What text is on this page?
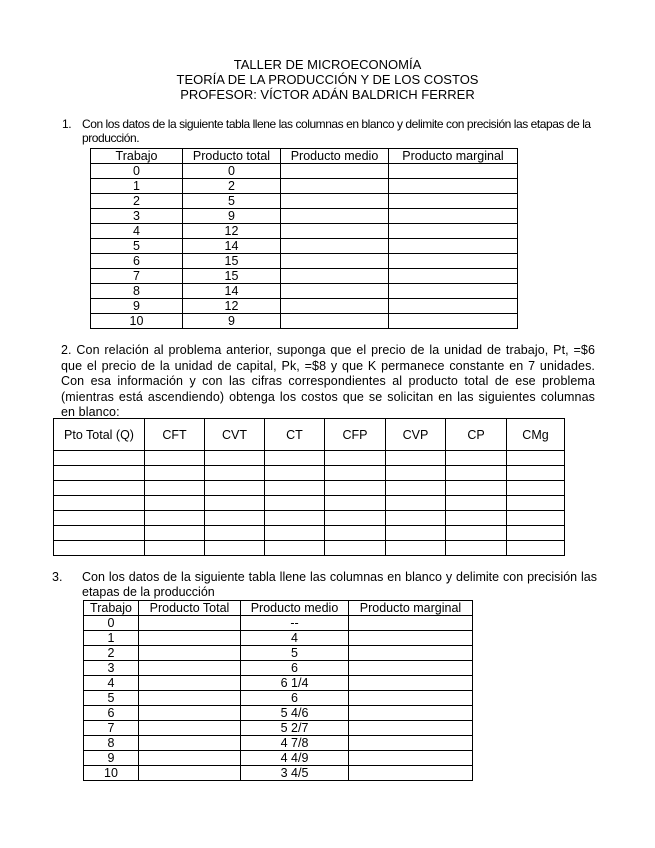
TALLER DE MICROECONOMÍA
TEORÍA DE LA PRODUCCIÓN Y DE LOS COSTOS
PROFESOR: VÍCTOR ADÁN BALDRICH FERRER
1. Con los datos de la siguiente tabla llene las columnas en blanco y delimite con precisión las etapas de la producción.
Trabajo	Producto total	Producto medio	Producto marginal
0	0		
1	2		
2	5		
3	9		
4	12		
5	14		
6	15		
7	15		
8	14		
9	12		
10	9		
2. Con relación al problema anterior, suponga que el precio de la unidad de trabajo, Pt, =$6 que el precio de la unidad de capital, Pk, =$8 y que K permanece constante en 7 unidades. Con esa información y con las cifras correspondientes al producto total de ese problema (mientras está ascendiendo) obtenga los costos que se solicitan en las siguientes columnas en blanco:
Pto Total (Q)	CFT	CVT	CT	CFP	CVP	CP	CMg

3.	Con los datos de la siguiente tabla llene las columnas en blanco y delimite con precisión las etapas de la producción
Trabajo	Producto Total	Producto medio	Producto marginal
0		--	
1		4	
2		5	
3		6	
4		6 1/4	
5		6	
6		5 4/6	
7		5 2/7	
8		4 7/8	
9		4 4/9	
10		3 4/5	
